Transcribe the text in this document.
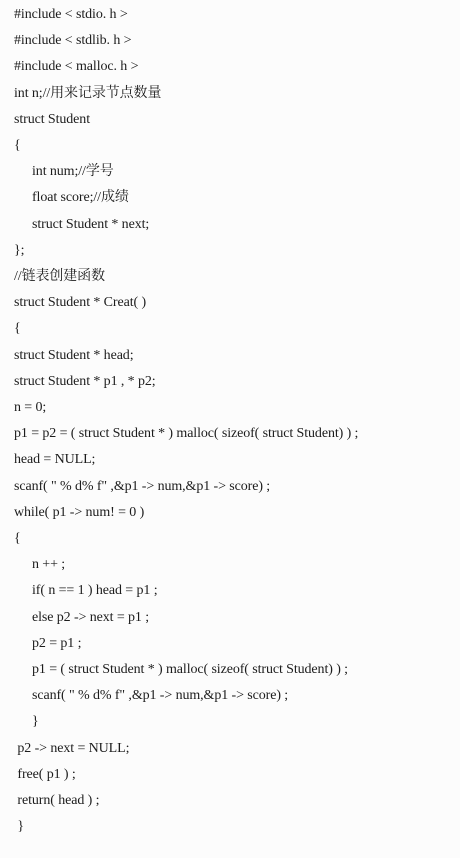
#include < stdio. h >
#include < stdlib. h >
#include < malloc. h >
int n;//用来记录节点数量
struct Student
{
int num;//学号
float score;//成绩
struct Student * next;
};
//链表创建函数
struct Student * Creat( )
{
struct Student * head;
struct Student * p1 , * p2;
n = 0;
p1 = p2 = ( struct Student * ) malloc( sizeof( struct Student) ) ;
head = NULL;
scanf( " % d% f" ,&p1 -> num,&p1 -> score) ;
while( p1 -> num! = 0 )
{
n ++ ;
if( n == 1 ) head = p1 ;
else p2 -> next = p1 ;
p2 = p1 ;
p1 = ( struct Student * ) malloc( sizeof( struct Student) ) ;
scanf( " % d% f" ,&p1 -> num,&p1 -> score) ;
}
p2 -> next = NULL;
free( p1 ) ;
return( head ) ;
}
